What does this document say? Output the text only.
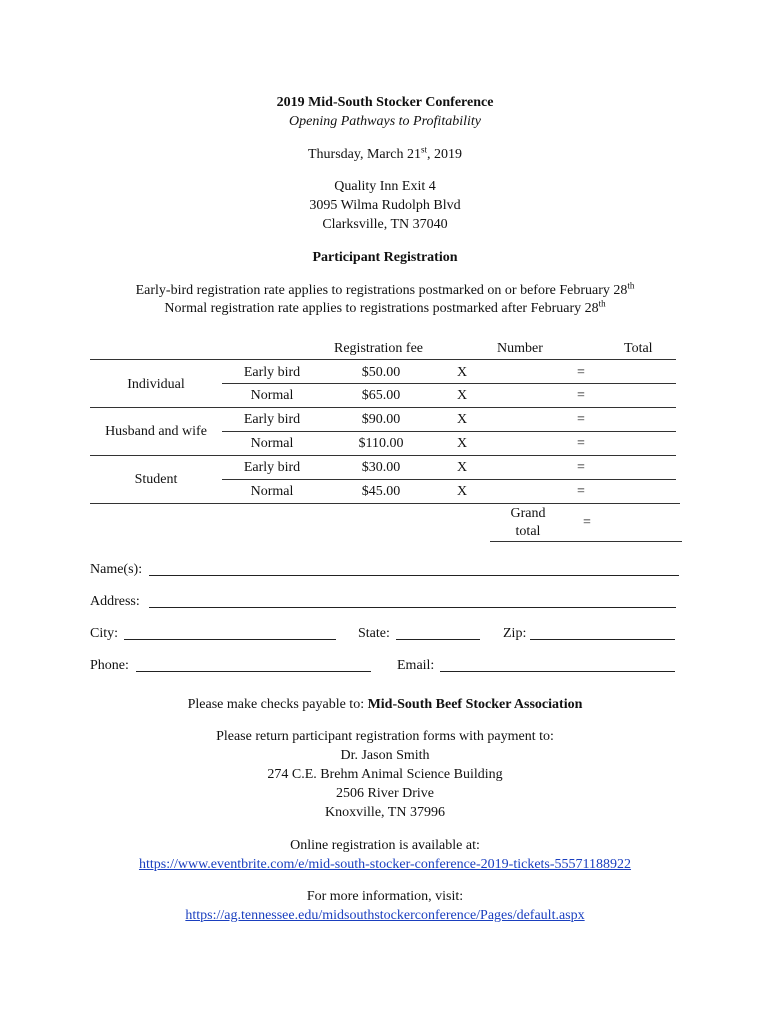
2019 Mid-South Stocker Conference
Opening Pathways to Profitability
Thursday, March 21st, 2019
Quality Inn Exit 4
3095 Wilma Rudolph Blvd
Clarksville, TN 37040
Participant Registration
Early-bird registration rate applies to registrations postmarked on or before February 28th
Normal registration rate applies to registrations postmarked after February 28th
Registration fee	Number	Total
Individual
Early bird	$50.00	X	=
Normal	$65.00	X	=
Husband and wife
Early bird	$90.00	X	=
Normal	$110.00	X	=
Student
Early bird	$30.00	X	=
Normal	$45.00	X	=
Grand
total
=
Name(s):
Address:
City:	State:	Zip:
Phone:	Email:
Please make checks payable to: Mid-South Beef Stocker Association
Please return participant registration forms with payment to:
Dr. Jason Smith
274 C.E. Brehm Animal Science Building
2506 River Drive
Knoxville, TN 37996
Online registration is available at:
https://www.eventbrite.com/e/mid-south-stocker-conference-2019-tickets-55571188922
For more information, visit:
https://ag.tennessee.edu/midsouthstockerconference/Pages/default.aspx
